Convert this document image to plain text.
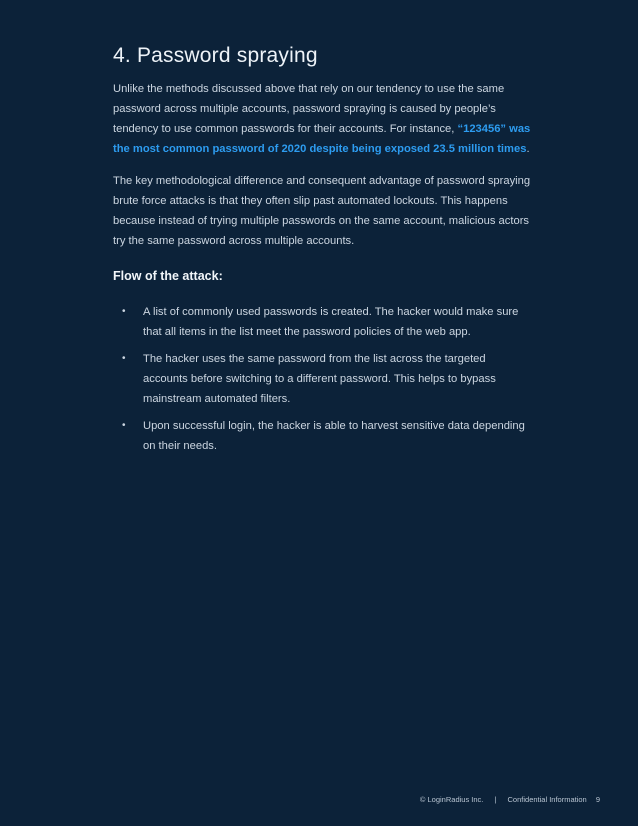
4. Password spraying

Unlike the methods discussed above that rely on our tendency to use the same password across multiple accounts, password spraying is caused by people’s tendency to use common passwords for their accounts. For instance, “123456” was the most common password of 2020 despite being exposed 23.5 million times.

The key methodological difference and consequent advantage of password spraying brute force attacks is that they often slip past automated lockouts. This happens because instead of trying multiple passwords on the same account, malicious actors try the same password across multiple accounts.

Flow of the attack:
• A list of commonly used passwords is created. The hacker would make sure that all items in the list meet the password policies of the web app.
• The hacker uses the same password from the list across the targeted accounts before switching to a different password. This helps to bypass mainstream automated filters.
• Upon successful login, the hacker is able to harvest sensitive data depending on their needs.
© LoginRadius Inc. | Confidential Information 9
